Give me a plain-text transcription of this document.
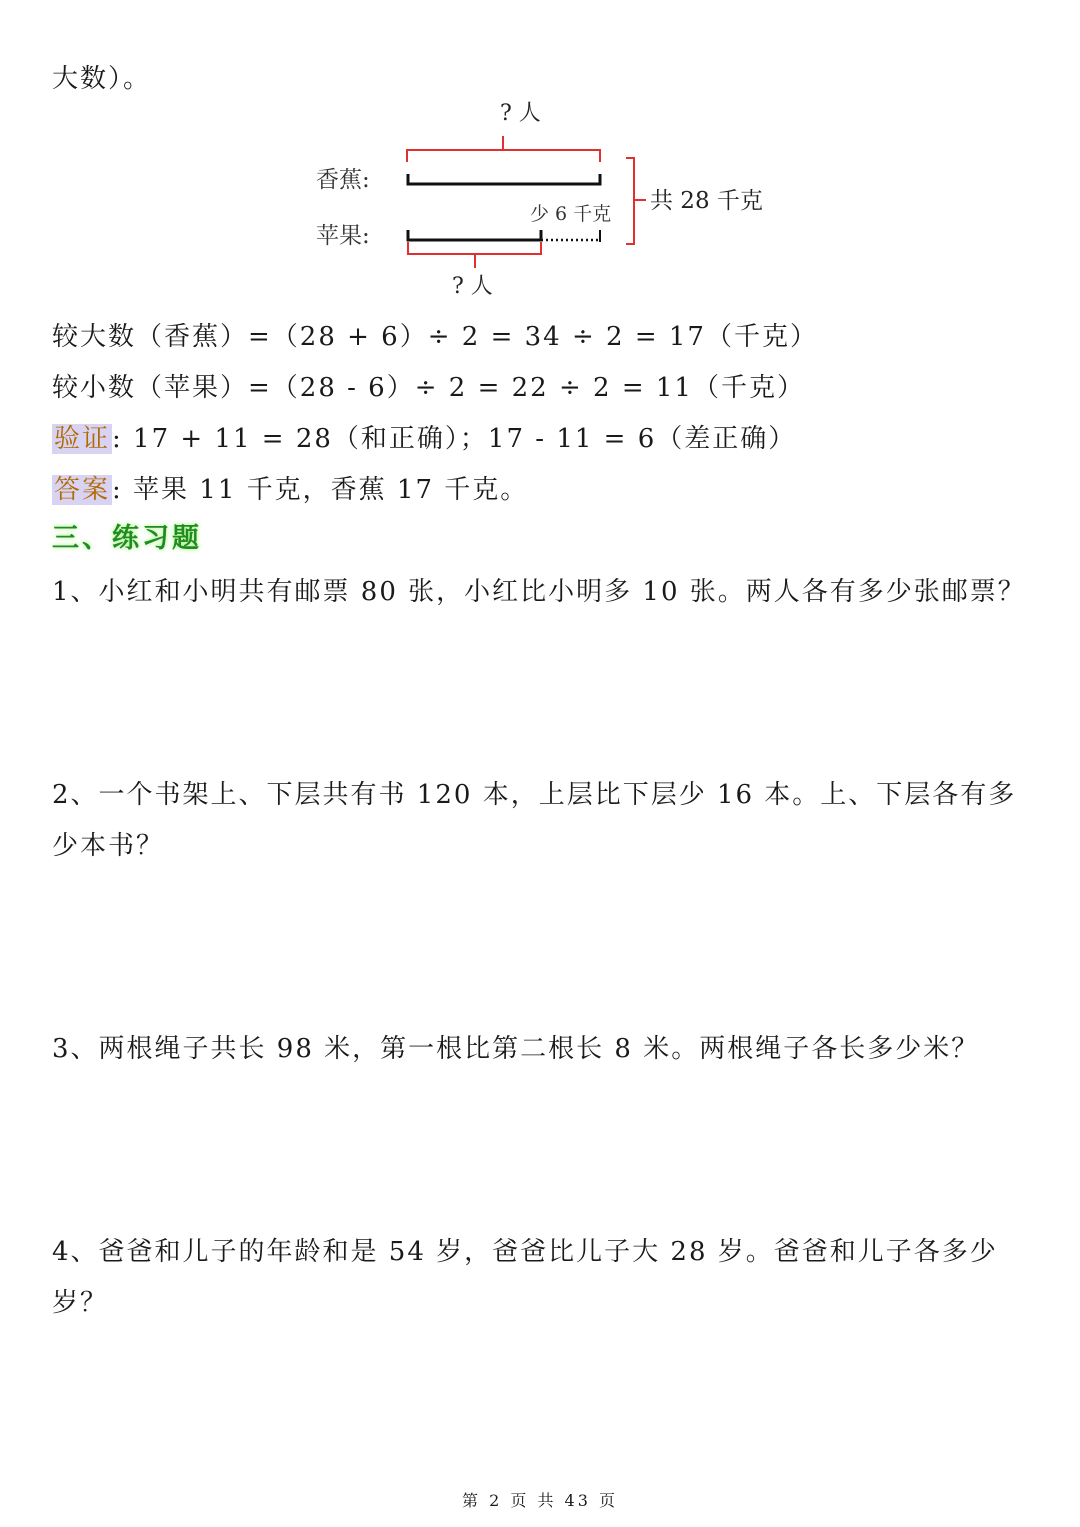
大数）。
? 人
香蕉:
苹果:
少 6 千克
? 人
共 28 千克
较大数（香蕉）=（28 + 6）÷ 2 = 34 ÷ 2 = 17（千克）
较小数（苹果）=（28 - 6）÷ 2 = 22 ÷ 2 = 11（千克）
验证: 17 + 11 = 28（和正确）；17 - 11 = 6（差正确）
答案: 苹果 11 千克，香蕉 17 千克。
三、练习题
1、小红和小明共有邮票 80 张，小红比小明多 10 张。两人各有多少张邮票？
2、一个书架上、下层共有书 120 本，上层比下层少 16 本。上、下层各有多
少本书？
3、两根绳子共长 98 米，第一根比第二根长 8 米。两根绳子各长多少米？
4、爸爸和儿子的年龄和是 54 岁，爸爸比儿子大 28 岁。爸爸和儿子各多少
岁？
第 2 页 共 43 页
